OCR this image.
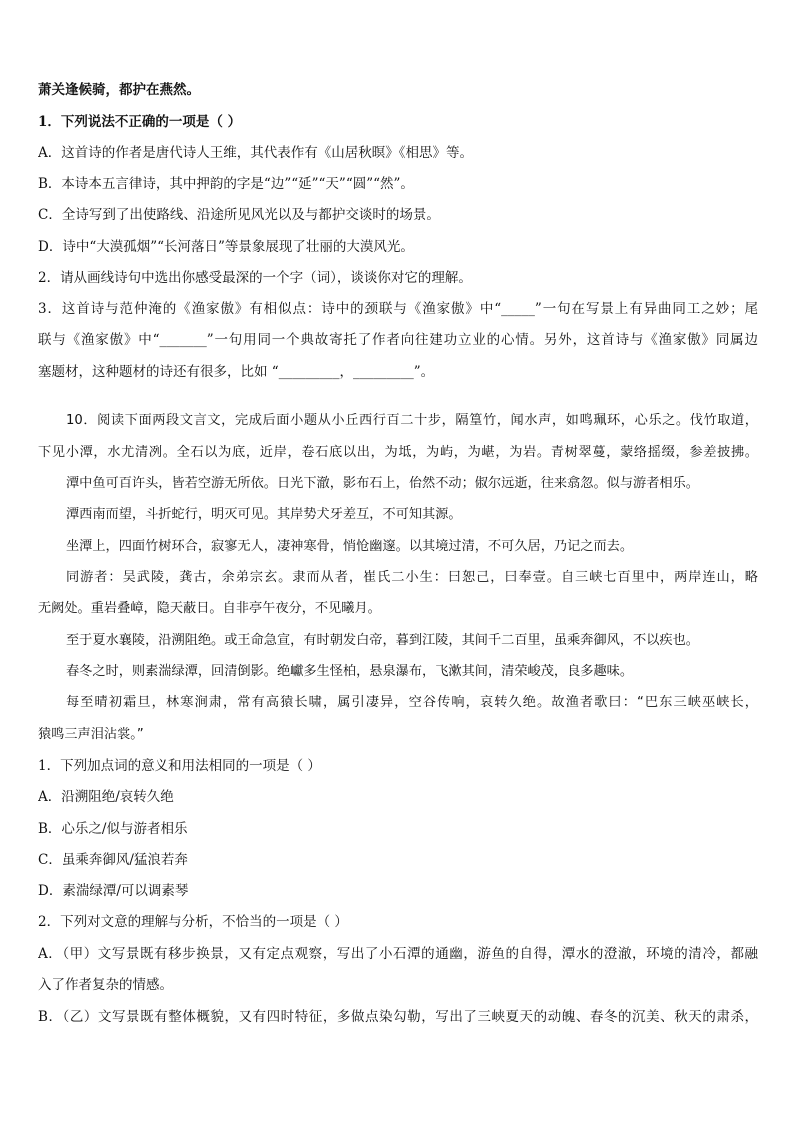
萧关逢候骑，都护在燕然。
1．下列说法不正确的一项是（ ）
A．这首诗的作者是唐代诗人王维，其代表作有《山居秋暝》《相思》等。
B．本诗本五言律诗，其中押韵的字是“边”“延”“天”“圆”“然”。
C．全诗写到了出使路线、沿途所见风光以及与都护交谈时的场景。
D．诗中“大漠孤烟”“长河落日”等景象展现了壮丽的大漠风光。
2．请从画线诗句中选出你感受最深的一个字（词），谈谈你对它的理解。
3．这首诗与范仲淹的《渔家傲》有相似点：诗中的颈联与《渔家傲》中“_____”一句在写景上有异曲同工之妙；尾
联与《渔家傲》中“_______”一句用同一个典故寄托了作者向往建功立业的心情。另外，这首诗与《渔家傲》同属边
塞题材，这种题材的诗还有很多，比如 “_________，_________”。
10．阅读下面两段文言文，完成后面小题从小丘西行百二十步，隔篁竹，闻水声，如鸣珮环，心乐之。伐竹取道，
下见小潭，水尤清冽。全石以为底，近岸，卷石底以出，为坻，为屿，为嵁，为岩。青树翠蔓，蒙络摇缀，参差披拂。
潭中鱼可百许头，皆若空游无所依。日光下澈，影布石上，佁然不动；俶尔远逝，往来翕忽。似与游者相乐。
潭西南而望，斗折蛇行，明灭可见。其岸势犬牙差互，不可知其源。
坐潭上，四面竹树环合，寂寥无人，凄神寒骨，悄怆幽邃。以其境过清，不可久居，乃记之而去。
同游者：吴武陵，龚古，余弟宗玄。隶而从者，崔氏二小生：曰恕己，曰奉壹。自三峡七百里中，两岸连山，略
无阙处。重岩叠嶂，隐天蔽日。自非亭午夜分，不见曦月。
至于夏水襄陵，沿溯阻绝。或王命急宣，有时朝发白帝，暮到江陵，其间千二百里，虽乘奔御风，不以疾也。
春冬之时，则素湍绿潭，回清倒影。绝巘多生怪柏，悬泉瀑布，飞漱其间，清荣峻茂，良多趣味。
每至晴初霜旦，林寒涧肃，常有高猿长啸，属引凄异，空谷传响，哀转久绝。故渔者歌曰：“巴东三峡巫峡长，
猿鸣三声泪沾裳。”
1．下列加点词的意义和用法相同的一项是（ ）
A．沿溯阻绝/哀转久绝
B．心乐之/似与游者相乐
C．虽乘奔御风/猛浪若奔
D．素湍绿潭/可以调素琴
2．下列对文意的理解与分析，不恰当的一项是（ ）
A．（甲）文写景既有移步换景，又有定点观察，写出了小石潭的通幽，游鱼的自得，潭水的澄澈，环境的清冷，都融
入了作者复杂的情感。
B．（乙）文写景既有整体概貌，又有四时特征，多做点染勾勒，写出了三峡夏天的动魄、春冬的沉美、秋天的肃杀，
